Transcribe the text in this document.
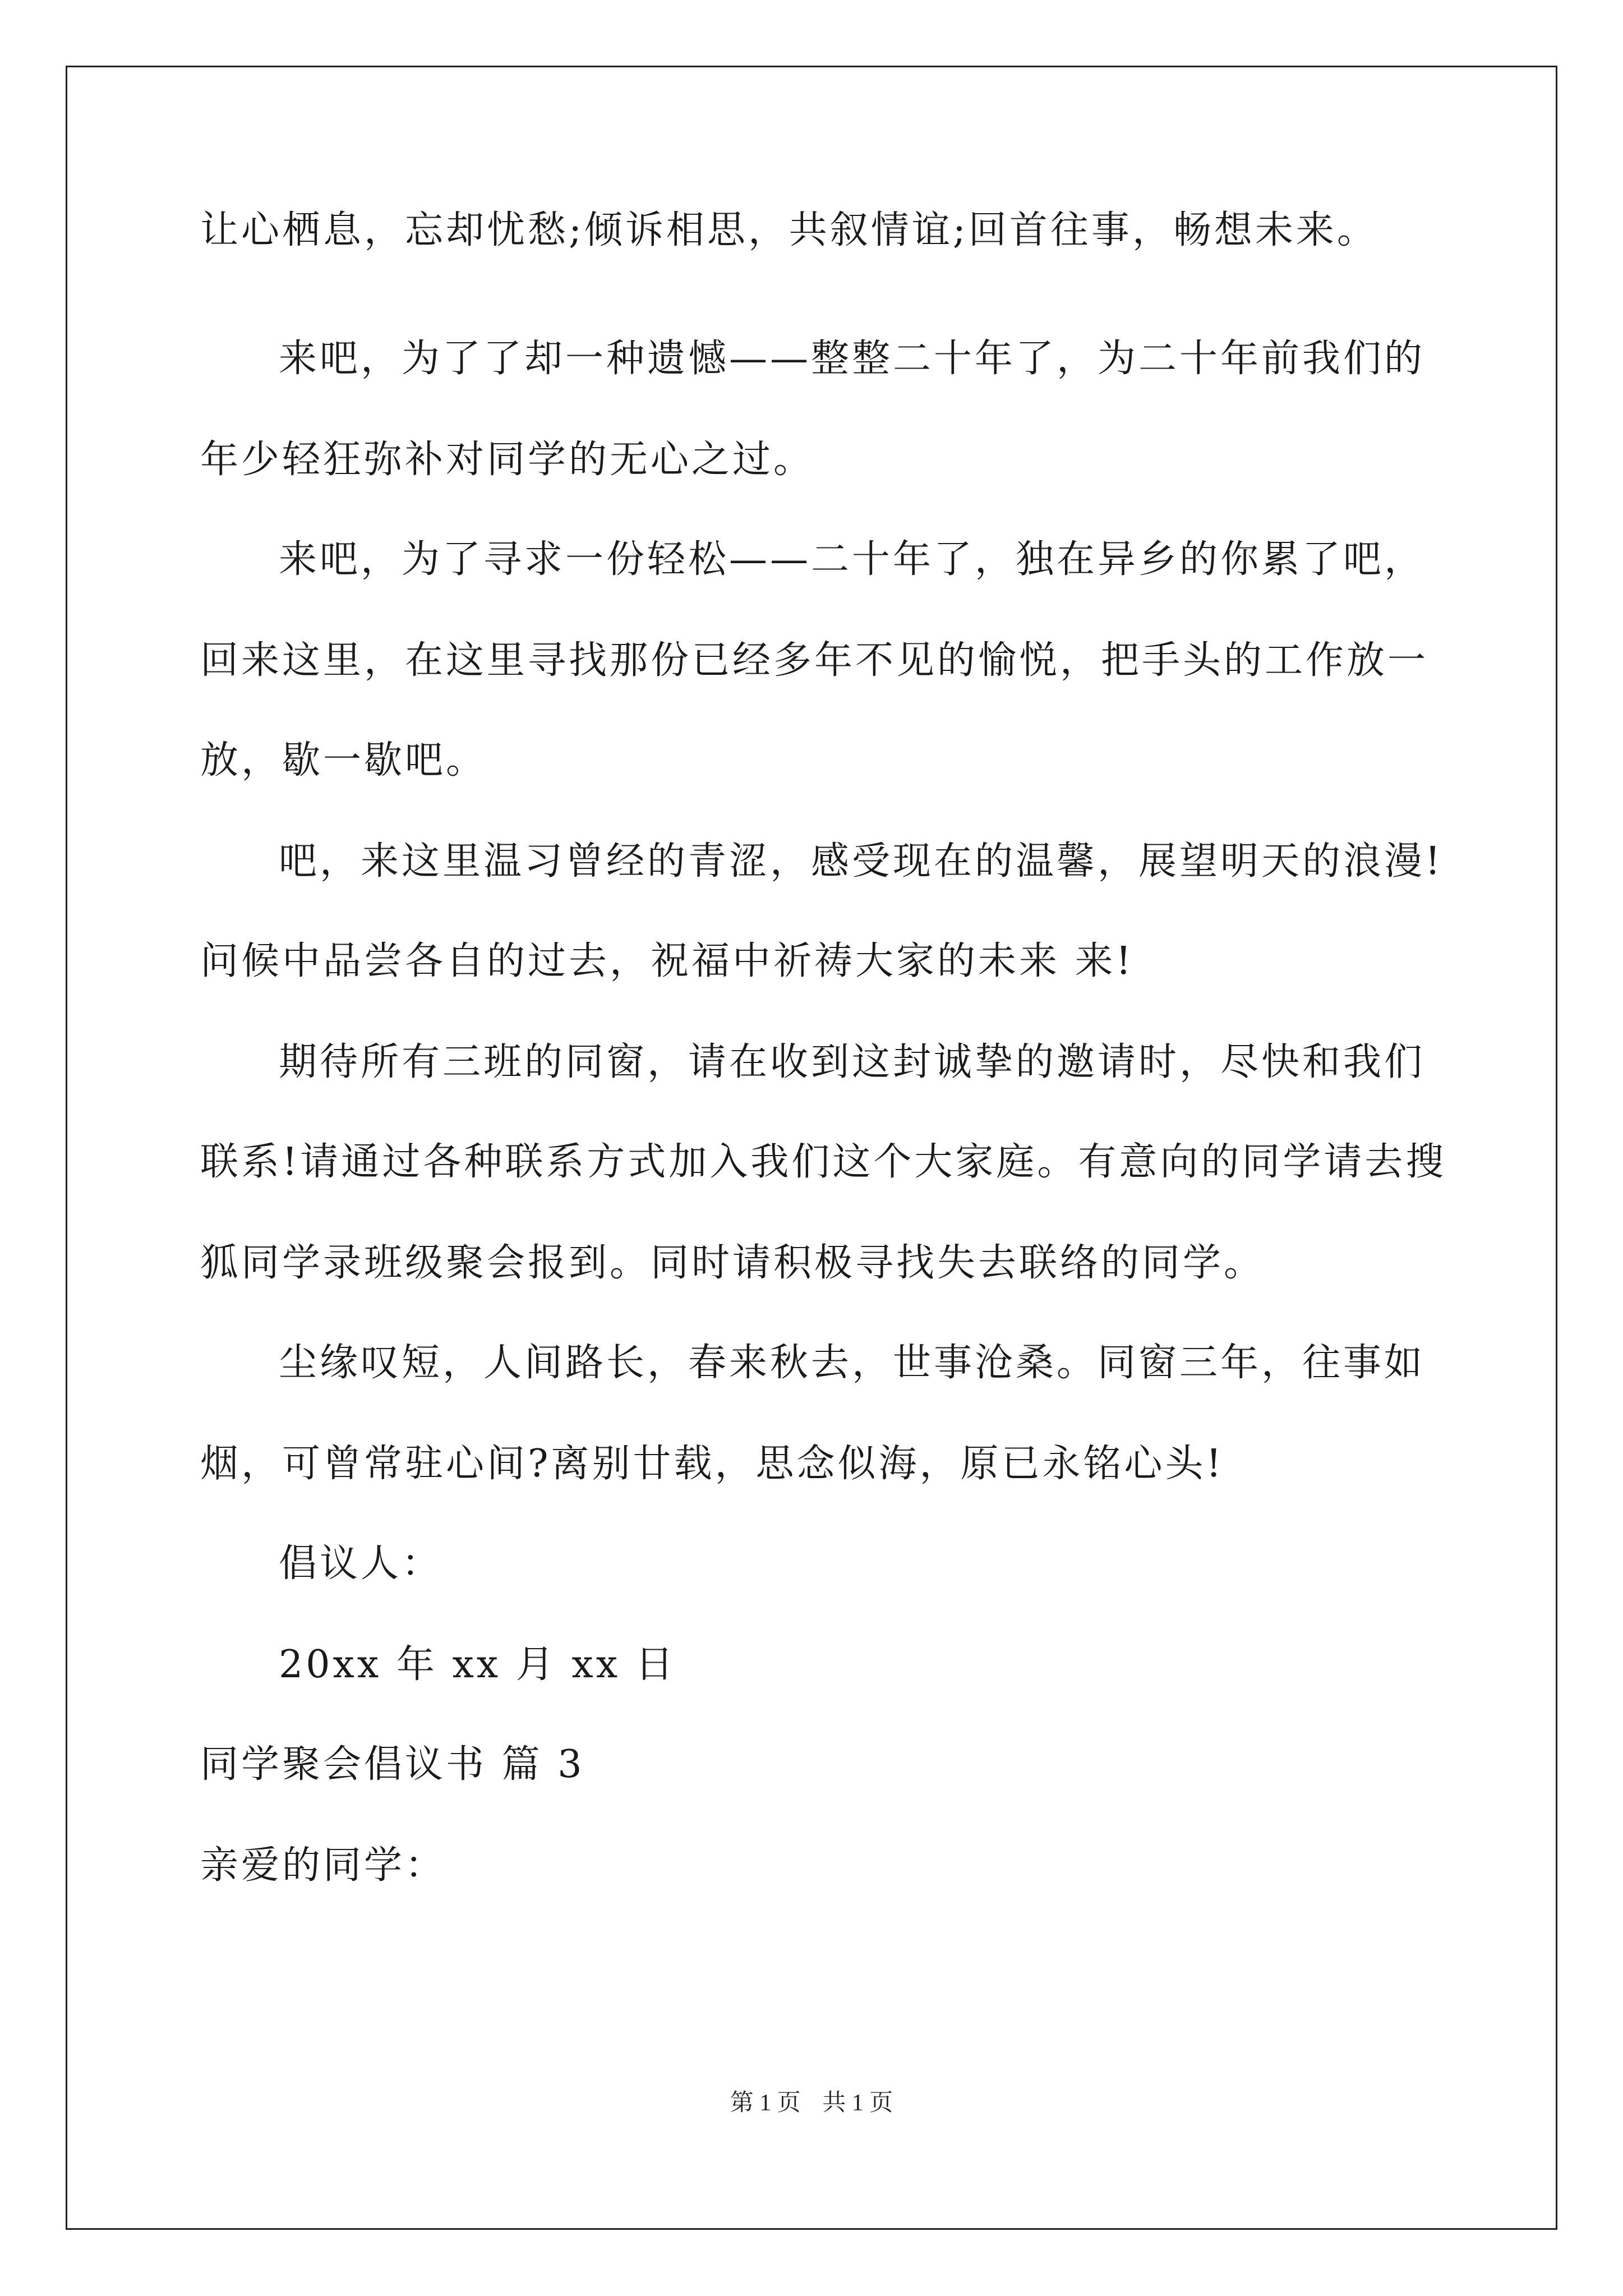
让心栖息，忘却忧愁;倾诉相思，共叙情谊;回首往事，畅想未来。
来吧，为了了却一种遗憾——整整二十年了，为二十年前我们的
年少轻狂弥补对同学的无心之过。
来吧，为了寻求一份轻松——二十年了，独在异乡的你累了吧，
回来这里，在这里寻找那份已经多年不见的愉悦，把手头的工作放一
放，歇一歇吧。
吧，来这里温习曾经的青涩，感受现在的温馨，展望明天的浪漫!
问候中品尝各自的过去，祝福中祈祷大家的未来 来!
期待所有三班的同窗，请在收到这封诚挚的邀请时，尽快和我们
联系!请通过各种联系方式加入我们这个大家庭。有意向的同学请去搜
狐同学录班级聚会报到。同时请积极寻找失去联络的同学。
尘缘叹短，人间路长，春来秋去，世事沧桑。同窗三年，往事如
烟，可曾常驻心间?离别廿载，思念似海，原已永铭心头!
倡议人：
20xx 年 xx 月 xx 日
同学聚会倡议书 篇 3
亲爱的同学：
第 1 页 共 1 页
